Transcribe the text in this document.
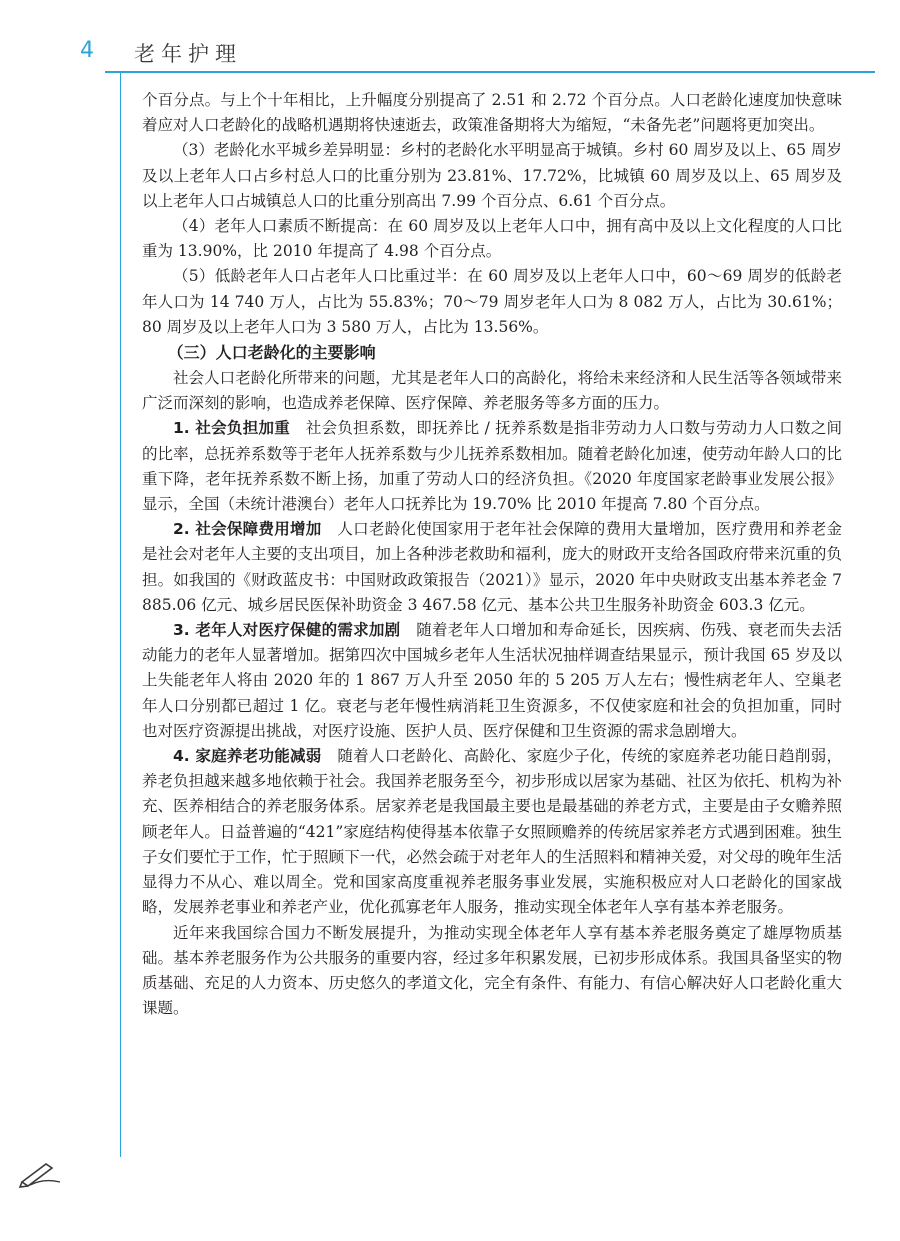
4 老年护理

个百分点。与上个十年相比，上升幅度分别提高了 2.51 和 2.72 个百分点。人口老龄化速度加快意味着应对人口老龄化的战略机遇期将快速逝去，政策准备期将大为缩短，“未备先老”问题将更加突出。

（3）老龄化水平城乡差异明显：乡村的老龄化水平明显高于城镇。乡村 60 周岁及以上、65 周岁及以上老年人口占乡村总人口的比重分别为 23.81%、17.72%，比城镇 60 周岁及以上、65 周岁及以上老年人口占城镇总人口的比重分别高出 7.99 个百分点、6.61 个百分点。

（4）老年人口素质不断提高：在 60 周岁及以上老年人口中，拥有高中及以上文化程度的人口比重为 13.90%，比 2010 年提高了 4.98 个百分点。

（5）低龄老年人口占老年人口比重过半：在 60 周岁及以上老年人口中，60～69 周岁的低龄老年人口为 14 740 万人，占比为 55.83%；70～79 周岁老年人口为 8 082 万人，占比为 30.61%；80 周岁及以上老年人口为 3 580 万人，占比为 13.56%。

（三）人口老龄化的主要影响

社会人口老龄化所带来的问题，尤其是老年人口的高龄化，将给未来经济和人民生活等各领域带来广泛而深刻的影响，也造成养老保障、医疗保障、养老服务等多方面的压力。

1. 社会负担加重　社会负担系数，即抚养比 / 抚养系数是指非劳动力人口数与劳动力人口数之间的比率，总抚养系数等于老年人抚养系数与少儿抚养系数相加。随着老龄化加速，使劳动年龄人口的比重下降，老年抚养系数不断上扬，加重了劳动人口的经济负担。《2020 年度国家老龄事业发展公报》显示，全国（未统计港澳台）老年人口抚养比为 19.70% 比 2010 年提高 7.80 个百分点。

2. 社会保障费用增加　人口老龄化使国家用于老年社会保障的费用大量增加，医疗费用和养老金是社会对老年人主要的支出项目，加上各种涉老救助和福利，庞大的财政开支给各国政府带来沉重的负担。如我国的《财政蓝皮书：中国财政政策报告（2021）》显示，2020 年中央财政支出基本养老金 7 885.06 亿元、城乡居民医保补助资金 3 467.58 亿元、基本公共卫生服务补助资金 603.3 亿元。

3. 老年人对医疗保健的需求加剧　随着老年人口增加和寿命延长，因疾病、伤残、衰老而失去活动能力的老年人显著增加。据第四次中国城乡老年人生活状况抽样调查结果显示，预计我国 65 岁及以上失能老年人将由 2020 年的 1 867 万人升至 2050 年的 5 205 万人左右；慢性病老年人、空巢老年人口分别都已超过 1 亿。衰老与老年慢性病消耗卫生资源多，不仅使家庭和社会的负担加重，同时也对医疗资源提出挑战，对医疗设施、医护人员、医疗保健和卫生资源的需求急剧增大。

4. 家庭养老功能减弱　随着人口老龄化、高龄化、家庭少子化，传统的家庭养老功能日趋削弱，养老负担越来越多地依赖于社会。我国养老服务至今，初步形成以居家为基础、社区为依托、机构为补充、医养相结合的养老服务体系。居家养老是我国最主要也是最基础的养老方式，主要是由子女赡养照顾老年人。日益普遍的“421”家庭结构使得基本依靠子女照顾赡养的传统居家养老方式遇到困难。独生子女们要忙于工作，忙于照顾下一代，必然会疏于对老年人的生活照料和精神关爱，对父母的晚年生活显得力不从心、难以周全。党和国家高度重视养老服务事业发展，实施积极应对人口老龄化的国家战略，发展养老事业和养老产业，优化孤寡老年人服务，推动实现全体老年人享有基本养老服务。

近年来我国综合国力不断发展提升，为推动实现全体老年人享有基本养老服务奠定了雄厚物质基础。基本养老服务作为公共服务的重要内容，经过多年积累发展，已初步形成体系。我国具备坚实的物质基础、充足的人力资本、历史悠久的孝道文化，完全有条件、有能力、有信心解决好人口老龄化重大课题。
